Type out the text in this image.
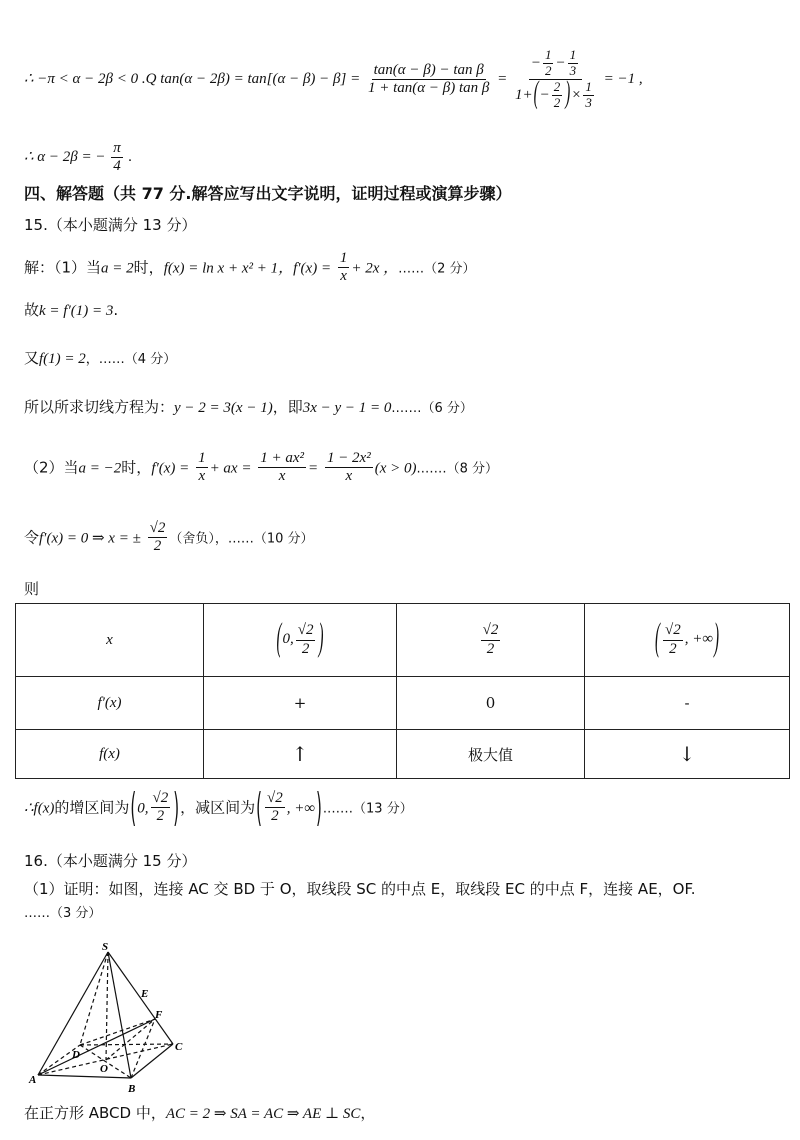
∴ −π < α − 2β < 0 .Q $\tan(\alpha - 2\beta) = \tan[(\alpha - \beta) - \beta] = \frac{\text{tan(α − β) − tan β}}{\text{1 + tan(α − β) tan β}} = \frac{- \frac{1}{2} - \frac{1}{3}}{1+(- \frac{2}{2} )\times \frac{1}{3}} = -1$ ,
∴ α − 2β = − $\frac{\pi}{4}$ .
四、解答题（共 77 分.解答应写出文字说明，证明过程或演算步骤）
15.（本小题满分 13 分）
解：（1）当a = 2时，f(x) = ln x + x² + 1，$f'(x) = \frac{1}{x} + 2x$ ，……（2 分）
故k = f′(1) = 3.
又f(1) = 2，……（4 分）
所以所求切线方程为：y − 2 = 3(x − 1)，即3x − y − 1 = 0.……（6 分）
（2）当a = −2时，$f'(x) = \frac{1}{x}$ + ax = $\frac{\text{1 + ax²}}{x} = \frac{\text{1 − 2x²}}{x} (x$ > 0).……（8 分）
令f′(x) = 0 ⇒ x = ± $\frac{√2}{2}$ （舍负），……（10 分）
则
x	(0, $\frac{√2}{2}$ )	$\frac{√2}{2}$	( $\frac{√2}{2}$ , +∞)
f′(x)	+	0	-
f(x)	↑	极大值	↓
∴f(x)的增区间为(0, $\frac{√2}{2}$ )，减区间为( $\frac{√2}{2}$ , +∞).……（13 分）
16.（本小题满分 15 分）
（1）证明：如图，连接 AC 交 BD 于 O，取线段 SC 的中点 E，取线段 EC 的中点 F，连接 AE，OF.
……（3 分）
S
E
F
D
O
C
A
B
在正方形 ABCD 中，AC = 2 ⇒ SA = AC ⇒ AE ⊥ SC，
